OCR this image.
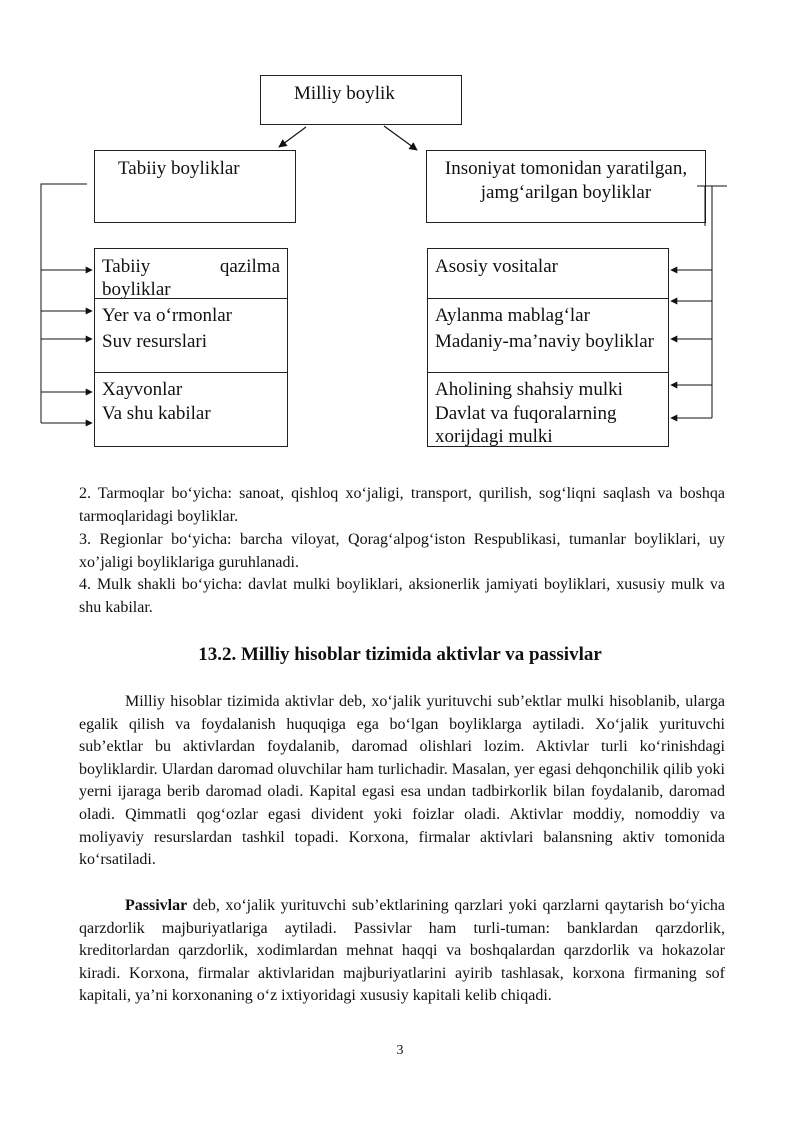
Milliy boylik
Tabiiy boyliklar	Insoniyat tomonidan yaratilgan, jamg‘arilgan boyliklar
Tabiiy qazilma boyliklar
Yer va o‘rmonlar
Suv resurslari
Xayvonlar
Va shu kabilar
Asosiy vositalar
Aylanma mablag‘lar
Madaniy-ma’naviy boyliklar
Aholining shahsiy mulki
Davlat va fuqoralarning xorijdagi mulki

2. Tarmoqlar bo‘yicha: sanoat, qishloq xo‘jaligi, transport, qurilish, sog‘liqni saqlash va boshqa tarmoqlaridagi boyliklar.

3. Regionlar bo‘yicha: barcha viloyat, Qorag‘alpog‘iston Respublikasi, tumanlar boyliklari, uy xo’jaligi boyliklariga guruhlanadi.

4. Mulk shakli bo‘yicha: davlat mulki boyliklari, aksionerlik jamiyati boyliklari, xususiy mulk va shu kabilar.

13.2. Milliy hisoblar tizimida aktivlar va passivlar

Milliy hisoblar tizimida aktivlar deb, xo‘jalik yurituvchi sub’ektlar mulki hisoblanib, ularga egalik qilish va foydalanish huquqiga ega bo‘lgan boyliklarga aytiladi. Xo‘jalik yurituvchi sub’ektlar bu aktivlardan foydalanib, daromad olishlari lozim. Aktivlar turli ko‘rinishdagi boyliklardir. Ulardan daromad oluvchilar ham turlichadir. Masalan, yer egasi dehqonchilik qilib yoki yerni ijaraga berib daromad oladi. Kapital egasi esa undan tadbirkorlik bilan foydalanib, daromad oladi. Qimmatli qog‘ozlar egasi divident yoki foizlar oladi. Aktivlar moddiy, nomoddiy va moliyaviy resurslardan tashkil topadi. Korxona, firmalar aktivlari balansning aktiv tomonida ko‘rsatiladi.

Passivlar deb, xo‘jalik yurituvchi sub’ektlarining qarzlari yoki qarzlarni qaytarish bo‘yicha qarzdorlik majburiyatlariga aytiladi. Passivlar ham turli-tuman: banklardan qarzdorlik, kreditorlardan qarzdorlik, xodimlardan mehnat haqqi va boshqalardan qarzdorlik va hokazolar kiradi. Korxona, firmalar aktivlaridan majburiyatlarini ayirib tashlasak, korxona firmaning sof kapitali, ya’ni korxonaning o‘z ixtiyoridagi xususiy kapitali kelib chiqadi.

3
